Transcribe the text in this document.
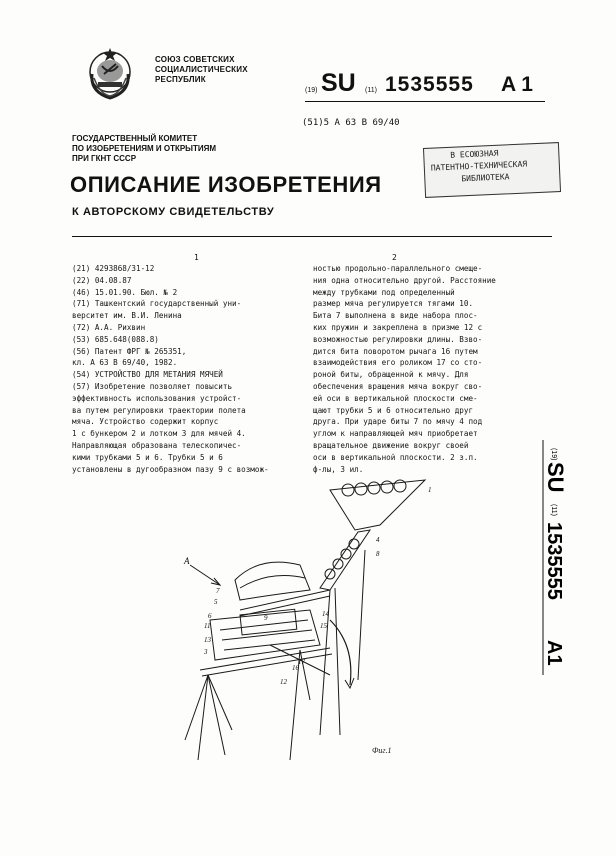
СОЮЗ СОВЕТСКИХ
СОЦИАЛИСТИЧЕСКИХ
РЕСПУБЛИК
(19) SU (11) 1535555 A 1
(51)5 A 63 B 69/40
ГОСУДАРСТВЕННЫЙ КОМИТЕТ
ПО ИЗОБРЕТЕНИЯМ И ОТКРЫТИЯМ
ПРИ ГКНТ СССР	В ЕСОЮЗНАЯ
ПАТЕНТНО-ТЕХНИЧЕСКАЯ
БИБЛИОТЕКА
ОПИСАНИЕ ИЗОБРЕТЕНИЯ
К АВТОРСКОМУ СВИДЕТЕЛЬСТВУ
1	2
(21) 4293868/31-12
(22) 04.08.87
(46) 15.01.90. Бюл. № 2
(71) Ташкентский государственный уни-
верситет им. В.И. Ленина
(72) А.А. Рихвин
(53) 685.648(088.8)
(56) Патент ФРГ № 265351,
кл. A 63 B 69/40, 1982.
(54) УСТРОЙСТВО ДЛЯ МЕТАНИЯ МЯЧЕЙ
(57) Изобретение позволяет повысить
эффективность использования устройст-
ва путем регулировки траектории полета
мяча. Устройство содержит корпус
1 с бункером 2 и лотком 3 для мячей 4.
Направляющая образована телескопичес-
кими трубками 5 и 6. Трубки 5 и 6
установлены в дугообразном пазу 9 с возмож-
ностью продольно-параллельного смеще-
ния одна относительно другой. Расстояние
между трубками под определенный
размер мяча регулируется тягами 10.
Бита 7 выполнена в виде набора плос-
ких пружин и закреплена в призме 12 с
возможностью регулировки длины. Взво-
дится бита поворотом рычага 16 путем
взаимодействия его роликом 17 со сто-
роной биты, обращенной к мячу. Для
обеспечения вращения мяча вокруг сво-
ей оси в вертикальной плоскости сме-
щают трубки 5 и 6 относительно друг
друга. При ударе биты 7 по мячу 4 под
углом к направляющей мяч приобретает
вращательное движение вокруг своей
оси в вертикальной плоскости. 2 з.п.
ф-лы, 3 ил.
(19)
SU
(11)
1535555
A1
1
4
8
7
5
11
6
13
3
14
15
16
12
17
9
A
Фиг.1
